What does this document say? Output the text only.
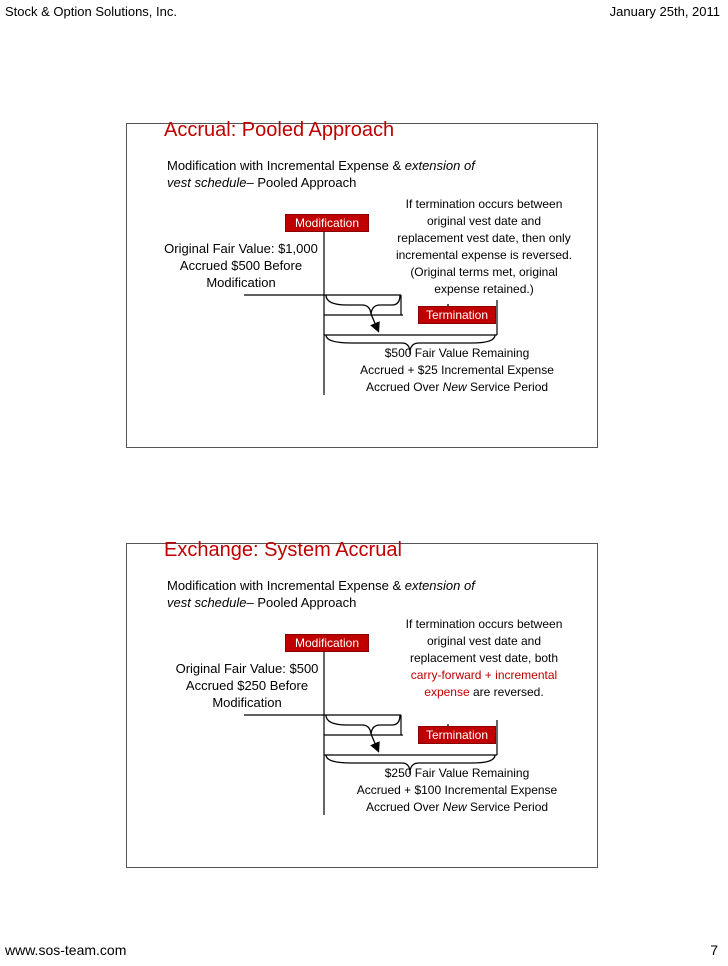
Stock & Option Solutions, Inc.	January 25th, 2011
Accrual: Pooled Approach
Modification with Incremental Expense & extension of
vest schedule– Pooled Approach
Modification
Original Fair Value: $1,000
Accrued $500 Before
Modification
If termination occurs between
original vest date and
replacement vest date, then only
incremental expense is reversed.
(Original terms met, original
expense retained.)
Termination
$500 Fair Value Remaining
Accrued + $25 Incremental Expense
Accrued Over New Service Period
Exchange: System Accrual
Modification with Incremental Expense & extension of
vest schedule– Pooled Approach
Modification
Original Fair Value: $500
Accrued $250 Before
Modification
If termination occurs between
original vest date and
replacement vest date, both
carry-forward + incremental
expense are reversed.
Termination
$250 Fair Value Remaining
Accrued + $100 Incremental Expense
Accrued Over New Service Period
www.sos-team.com	7
